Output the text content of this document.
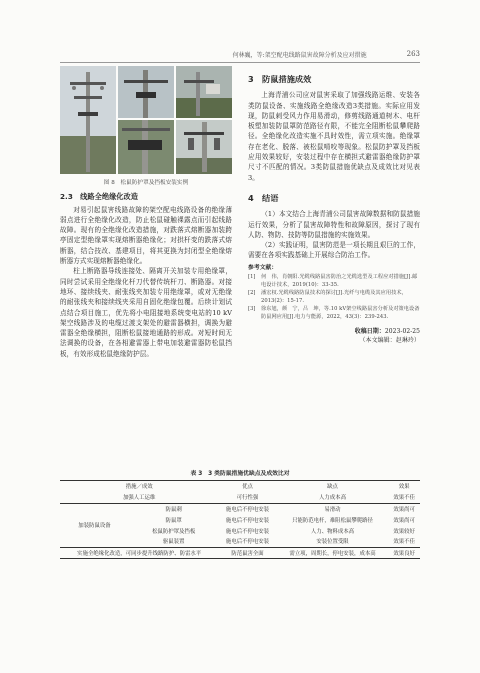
何林巍，等:架空配电线路鼠害故障分析及应对措施	263
图 8　松鼠防护罩及挡板安装实例
2.3　线路全绝缘化改造

对易引起鼠害线路故障的架空配电线路设备的绝缘薄弱点进行全绝缘化改造，防止松鼠碰触裸露点而引起线路故障。现有的全绝缘化改造措施，对跌落式熔断器加装跨亭固定型绝缘罩实现熔断器绝缘化；对拱杆变的跌落式熔断器，结合技改、基建项目，将其更换为封闭型全绝缘熔断器方式实现熔断器绝缘化。

柱上断路器导线连接处、隔离开关加装专用绝缘罩，同时尝试采用全绝缘化杆刀代替传统杆刀、断路器。对接地环、接续线夹、耐张线夹加装专用绝缘罩，或对无绝缘的耐张线夹和接续线夹采用自固化绝缘包覆。后续计划试点结合项目施工，优先将小电阻接地系统变电站的10 kV架空线路涉及的电缆过渡支架处的避雷器横担，调换为避雷器全绝缘横担，阻断松鼠接地通路的形成。对短时间无法调换的设备，在各相避雷器上带电加装避雷器防松鼠挡板，有效形成松鼠绝缘防护层。

3　防鼠措施成效

上海青浦公司应对鼠害采取了加强线路运维、安装各类防鼠设备、实施线路全绝缘改造3类措施。实际应用发现，防鼠刺受风力作用易滑动，修剪线路通道树木、电杆板塑加装防鼠罩防范路径有限，不能完全阻断松鼠攀爬路径。全绝缘化改造实施不具时效性，需立项实施。绝缘罩存在老化、脱落、被松鼠啃咬等现象。松鼠防护罩及挡板应用效果较好，安装过程中存在横担式避雷器绝缘防护罩尺寸不匹配的情况。3类防鼠措施优缺点及成效比对见表3。

4　结语

（1）本文结合上海青浦公司鼠害故障数据和防鼠措施运行效果，分析了鼠害故障特性和故障原因，探讨了现有人防、物防、技防等防鼠措施的实施效果。

（2）实践证明，鼠害防范是一项长期且艰巨的工作，需要在各项实践基础上开展综合防治工作。

参考文献：
[1]	何　伟，肖朝阳.光缆线路鼠害防治之光缆选型及工程应对措施[J].邮电设计技术，2019(10)：33-35.
[2]	潘宏权.光缆线路防鼠技术的探讨[J].光纤与电缆及其应用技术，2013(2)：15-17.
[3]	徐东旭，颜　宁，吕　坤，等.10 kV架空线路鼠害分析及对策电设备防鼠网应用[J].电力与能源，2022，43(3)：239-243.
收稿日期：2023-02-25
（本文编辑：赵琳玲）
表 3　3 类防鼠措施优缺点及成效比对
措施／成效		优点	缺点	效果
加强人工运维		可行性强	人力成本高	效果不佳
加装防鼠设备	防鼠刺	施电后不停电安装	易滑动	效果尚可
	防鼠罩	施电后不停电安装	只能防范电杆，难阻松鼠攀爬路径	效果尚可
	松鼠防护罩及挡板	施电后不停电安装	人力、物料成本高	效果较好
	驱鼠装置	施电后不停电安装	安装位置受限	效果不佳
实施全绝缘化改造，可同步提升线路防护、防雷水平		防范鼠害全面	需立项，周期长，停电安装，成本高	效果良好
